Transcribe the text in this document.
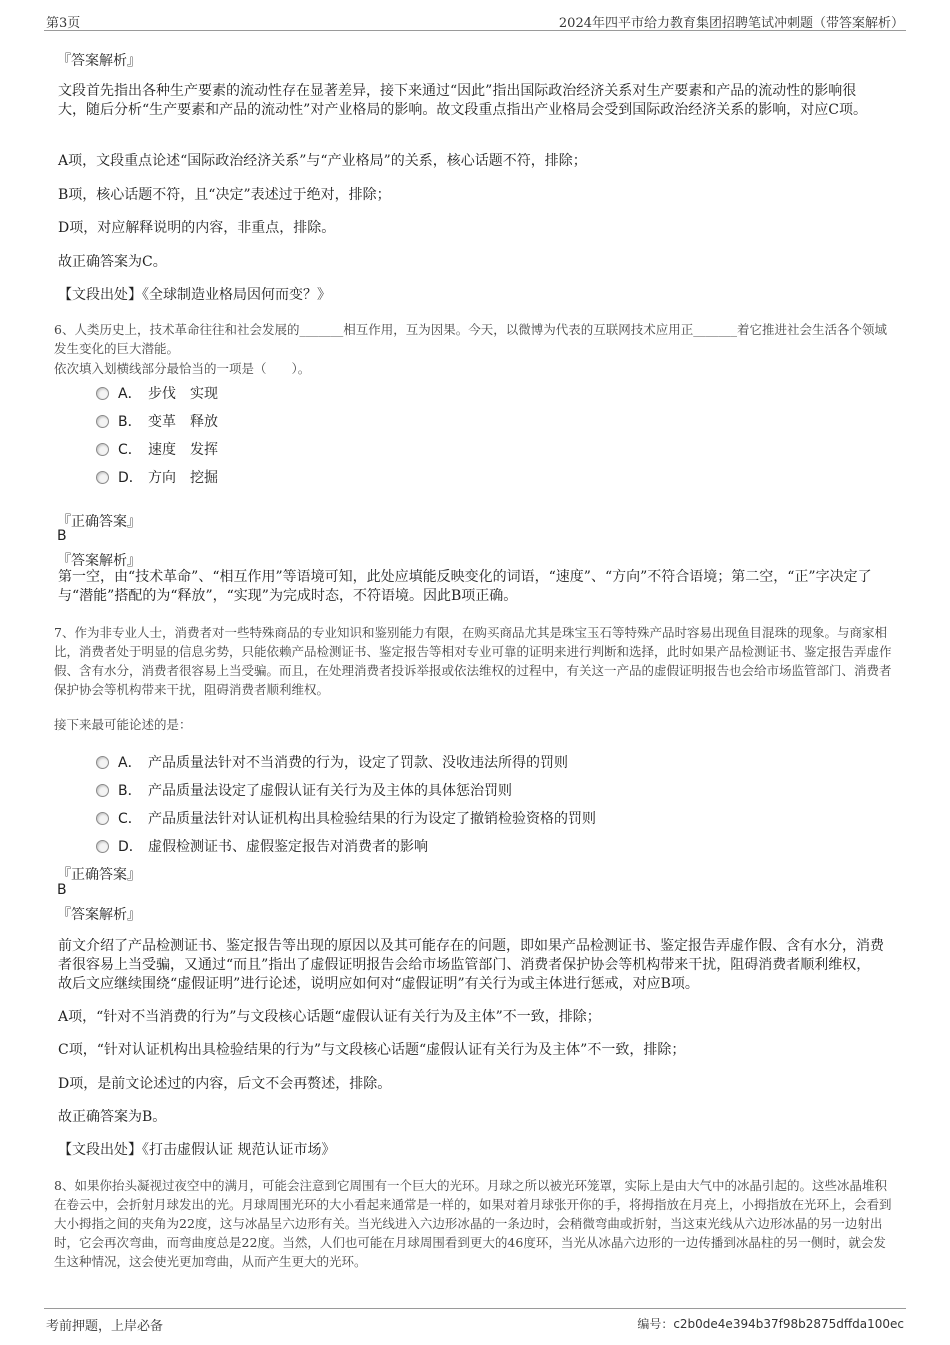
第3页	2024年四平市给力教育集团招聘笔试冲刺题（带答案解析）
『答案解析』
文段首先指出各种生产要素的流动性存在显著差异，接下来通过“因此”指出国际政治经济关系对生产要素和产品的流动性的影响很大，随后分析“生产要素和产品的流动性”对产业格局的影响。故文段重点指出产业格局会受到国际政治经济关系的影响，对应C项。
A项，文段重点论述“国际政治经济关系”与“产业格局”的关系，核心话题不符，排除；
B项，核心话题不符，且“决定”表述过于绝对，排除；
D项，对应解释说明的内容，非重点，排除。
故正确答案为C。
【文段出处】《全球制造业格局因何而变？》
6、人类历史上，技术革命往往和社会发展的_______相互作用，互为因果。今天，以微博为代表的互联网技术应用正_______着它推进社会生活各个领域发生变化的巨大潜能。
依次填入划横线部分最恰当的一项是（　　）。
A． 步伐　实现
B． 变革　释放
C． 速度　发挥
D． 方向　挖掘
『正确答案』
B
『答案解析』
第一空，由“技术革命”、“相互作用”等语境可知，此处应填能反映变化的词语，“速度”、“方向”不符合语境；第二空，“正”字决定了与“潜能”搭配的为“释放”，“实现”为完成时态，不符语境。因此B项正确。
7、作为非专业人士，消费者对一些特殊商品的专业知识和鉴别能力有限，在购买商品尤其是珠宝玉石等特殊产品时容易出现鱼目混珠的现象。与商家相比，消费者处于明显的信息劣势，只能依赖产品检测证书、鉴定报告等相对专业可靠的证明来进行判断和选择，此时如果产品检测证书、鉴定报告弄虚作假、含有水分，消费者很容易上当受骗。而且，在处理消费者投诉举报或依法维权的过程中，有关这一产品的虚假证明报告也会给市场监管部门、消费者保护协会等机构带来干扰，阻碍消费者顺利维权。
接下来最可能论述的是：
A． 产品质量法针对不当消费的行为，设定了罚款、没收违法所得的罚则
B． 产品质量法设定了虚假认证有关行为及主体的具体惩治罚则
C． 产品质量法针对认证机构出具检验结果的行为设定了撤销检验资格的罚则
D． 虚假检测证书、虚假鉴定报告对消费者的影响
『正确答案』
B
『答案解析』
前文介绍了产品检测证书、鉴定报告等出现的原因以及其可能存在的问题，即如果产品检测证书、鉴定报告弄虚作假、含有水分，消费者很容易上当受骗，又通过“而且”指出了虚假证明报告会给市场监管部门、消费者保护协会等机构带来干扰，阻碍消费者顺利维权，故后文应继续围绕“虚假证明”进行论述，说明应如何对“虚假证明”有关行为或主体进行惩戒，对应B项。
A项，“针对不当消费的行为”与文段核心话题“虚假认证有关行为及主体”不一致，排除；
C项，“针对认证机构出具检验结果的行为”与文段核心话题“虚假认证有关行为及主体”不一致，排除；
D项，是前文论述过的内容，后文不会再赘述，排除。
故正确答案为B。
【文段出处】《打击虚假认证 规范认证市场》
8、如果你抬头凝视过夜空中的满月，可能会注意到它周围有一个巨大的光环。月球之所以被光环笼罩，实际上是由大气中的冰晶引起的。这些冰晶堆积在卷云中，会折射月球发出的光。月球周围光环的大小看起来通常是一样的，如果对着月球张开你的手，将拇指放在月亮上，小拇指放在光环上，会看到大小拇指之间的夹角为22度，这与冰晶呈六边形有关。当光线进入六边形冰晶的一条边时，会稍微弯曲或折射，当这束光线从六边形冰晶的另一边射出时，它会再次弯曲，而弯曲度总是22度。当然，人们也可能在月球周围看到更大的46度环，当光从冰晶六边形的一边传播到冰晶柱的另一侧时，就会发生这种情况，这会使光更加弯曲，从而产生更大的光环。
考前押题，上岸必备	编号：c2b0de4e394b37f98b2875dffda100ec
